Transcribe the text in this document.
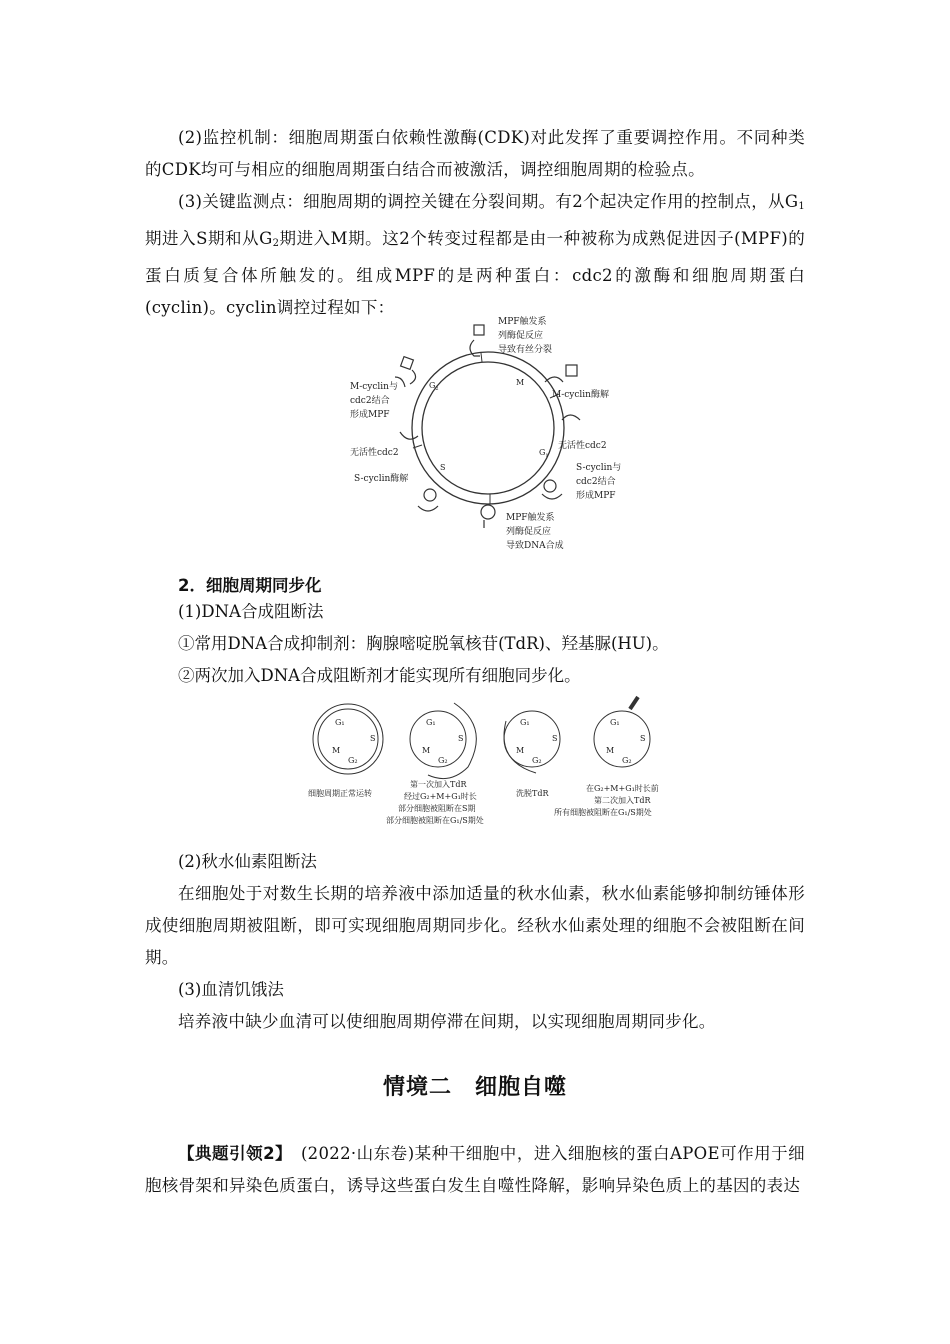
(2)监控机制：细胞周期蛋白依赖性激酶(CDK)对此发挥了重要调控作用。不同种类的CDK均可与相应的细胞周期蛋白结合而被激活，调控细胞周期的检验点。
(3)关键监测点：细胞周期的调控关键在分裂间期。有2个起决定作用的控制点，从$G_1$期进入S期和从$G_2$期进入M期。这2个转变过程都是由一种被称为成熟促进因子(MPF)的蛋白质复合体所触发的。组成MPF的是两种蛋白：cdc2的激酶和细胞周期蛋白(cyclin)。cyclin调控过程如下：
$G_2$
M
$G_1$
S
MPF触发系
列酶促反应
导致有丝分裂
M-cyclin与
cdc2结合
形成MPF
M-cyclin酶解
无活性cdc2
无活性cdc2
S-cyclin酶解
S-cyclin与
cdc2结合
形成MPF
MPF触发系
列酶促反应
导致DNA合成
2．细胞周期同步化
(1)DNA合成阻断法
①常用DNA合成抑制剂：胸腺嘧啶脱氧核苷(TdR)、羟基脲(HU)。
②两次加入DNA合成阻断剂才能实现所有细胞同步化。
G₁
S
M
G₂
G₁
S
M
G₂
G₁
S
M
G₂
G₁
S
M
G₂
细胞周期正常运转
第一次加入TdR
经过G₂+M+G₁时长
部分细胞被阻断在S期
部分细胞被阻断在G₁/S期处
洗脱TdR
在G₂+M+G₁时长前
第二次加入TdR
所有细胞被阻断在G₁/S期处
(2)秋水仙素阻断法
在细胞处于对数生长期的培养液中添加适量的秋水仙素，秋水仙素能够抑制纺锤体形成使细胞周期被阻断，即可实现细胞周期同步化。经秋水仙素处理的细胞不会被阻断在间期。
(3)血清饥饿法
培养液中缺少血清可以使细胞周期停滞在间期，以实现细胞周期同步化。
情境二　细胞自噬
【典题引领2】　 (2022·山东卷)某种干细胞中，进入细胞核的蛋白APOE可作用于细胞核骨架和异染色质蛋白，诱导这些蛋白发生自噬性降解，影响异染色质上的基因的表达
